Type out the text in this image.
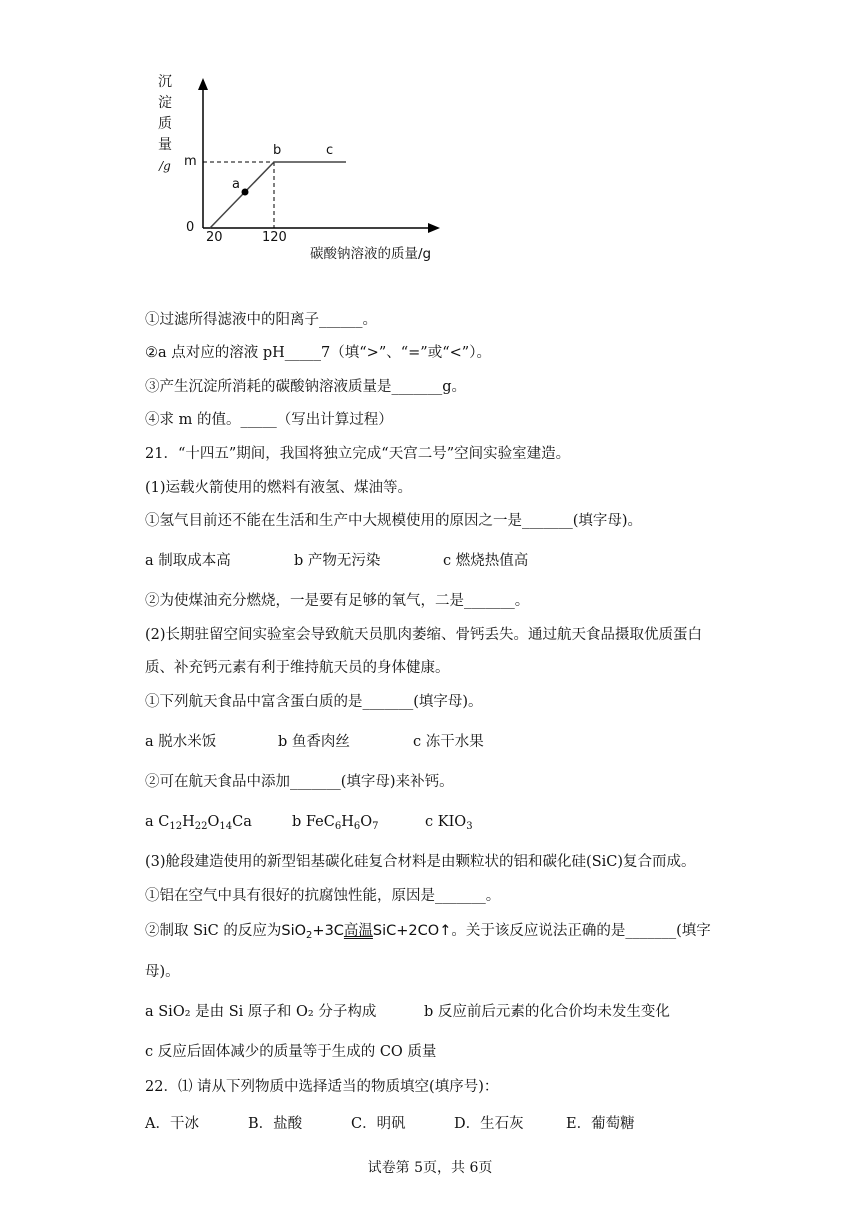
沉
淀
质
量
/g m
0
20	120
a
b	c
碳酸钠溶液的质量/g
①过滤所得滤液中的阳离子______。
②a 点对应的溶液 pH_____7（填“>”、“=”或“<”）。
③产生沉淀所消耗的碳酸钠溶液质量是_______g。
④求 m 的值。_____（写出计算过程）
21．“十四五”期间，我国将独立完成“天宫二号”空间实验室建造。
(1)运载火箭使用的燃料有液氢、煤油等。
①氢气目前还不能在生活和生产中大规模使用的原因之一是_______(填字母)。
a 制取成本高	b 产物无污染	c 燃烧热值高
②为使煤油充分燃烧，一是要有足够的氧气，二是_______。
(2)长期驻留空间实验室会导致航天员肌肉萎缩、骨钙丢失。通过航天食品摄取优质蛋白
质、补充钙元素有利于维持航天员的身体健康。
①下列航天食品中富含蛋白质的是_______(填字母)。
a 脱水米饭	b 鱼香肉丝	c 冻干水果
②可在航天食品中添加_______(填字母)来补钙。
a $C_{12}H_{22}O_{14}Ca$	b $FeC_6H_6O_7$	c $KIO_3$
(3)舱段建造使用的新型铝基碳化硅复合材料是由颗粒状的铝和碳化硅(SiC)复合而成。
①铝在空气中具有很好的抗腐蚀性能，原因是_______。
②制取 SiC 的反应为SiO$_2$+3C高温SiC+2CO↑。关于该反应说法正确的是_______(填字
母)。
a SiO₂ 是由 Si 原子和 O₂ 分子构成	b 反应前后元素的化合价均未发生变化
c 反应后固体减少的质量等于生成的 CO 质量
22．⑴ 请从下列物质中选择适当的物质填空(填序号)：
A．干冰	B．盐酸	C．明矾	D．生石灰	E．葡萄糖
试卷第 5页，共 6页
